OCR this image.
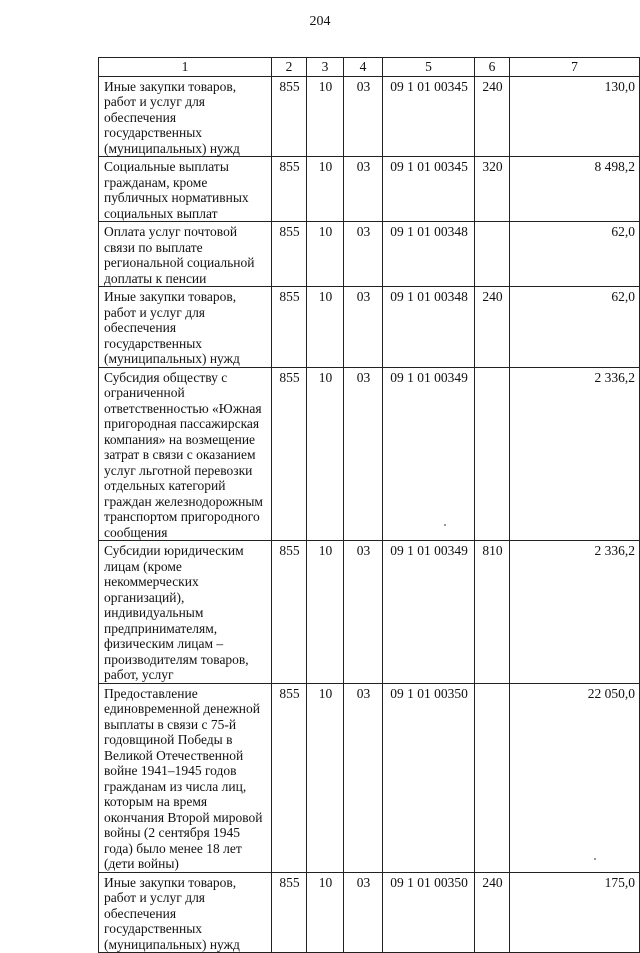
204
1	2	3	4	5	6	7
Иные закупки товаров, работ и услуг для обеспечения государственных (муниципальных) нужд	855	10	03	09 1 01 00345	240	130,0
Социальные выплаты гражданам, кроме публичных нормативных социальных выплат	855	10	03	09 1 01 00345	320	8 498,2
Оплата услуг почтовой связи по выплате региональной социальной доплаты к пенсии	855	10	03	09 1 01 00348		62,0
Иные закупки товаров, работ и услуг для обеспечения государственных (муниципальных) нужд	855	10	03	09 1 01 00348	240	62,0
Субсидия обществу с ограниченной ответственностью «Южная пригородная пассажирская компания» на возмещение затрат в связи с оказанием услуг льготной перевозки отдельных категорий граждан железнодорожным транспортом пригородного сообщения	855	10	03	09 1 01 00349		2 336,2
Субсидии юридическим лицам (кроме некоммерческих организаций), индивидуальным предпринимателям, физическим лицам – производителям товаров, работ, услуг	855	10	03	09 1 01 00349	810	2 336,2
Предоставление единовременной денежной выплаты в связи с 75-й годовщиной Победы в Великой Отечественной войне 1941–1945 годов гражданам из числа лиц, которым на время окончания Второй мировой войны (2 сентября 1945 года) было менее 18 лет (дети войны)	855	10	03	09 1 01 00350		22 050,0
Иные закупки товаров, работ и услуг для обеспечения государственных (муниципальных) нужд	855	10	03	09 1 01 00350	240	175,0
